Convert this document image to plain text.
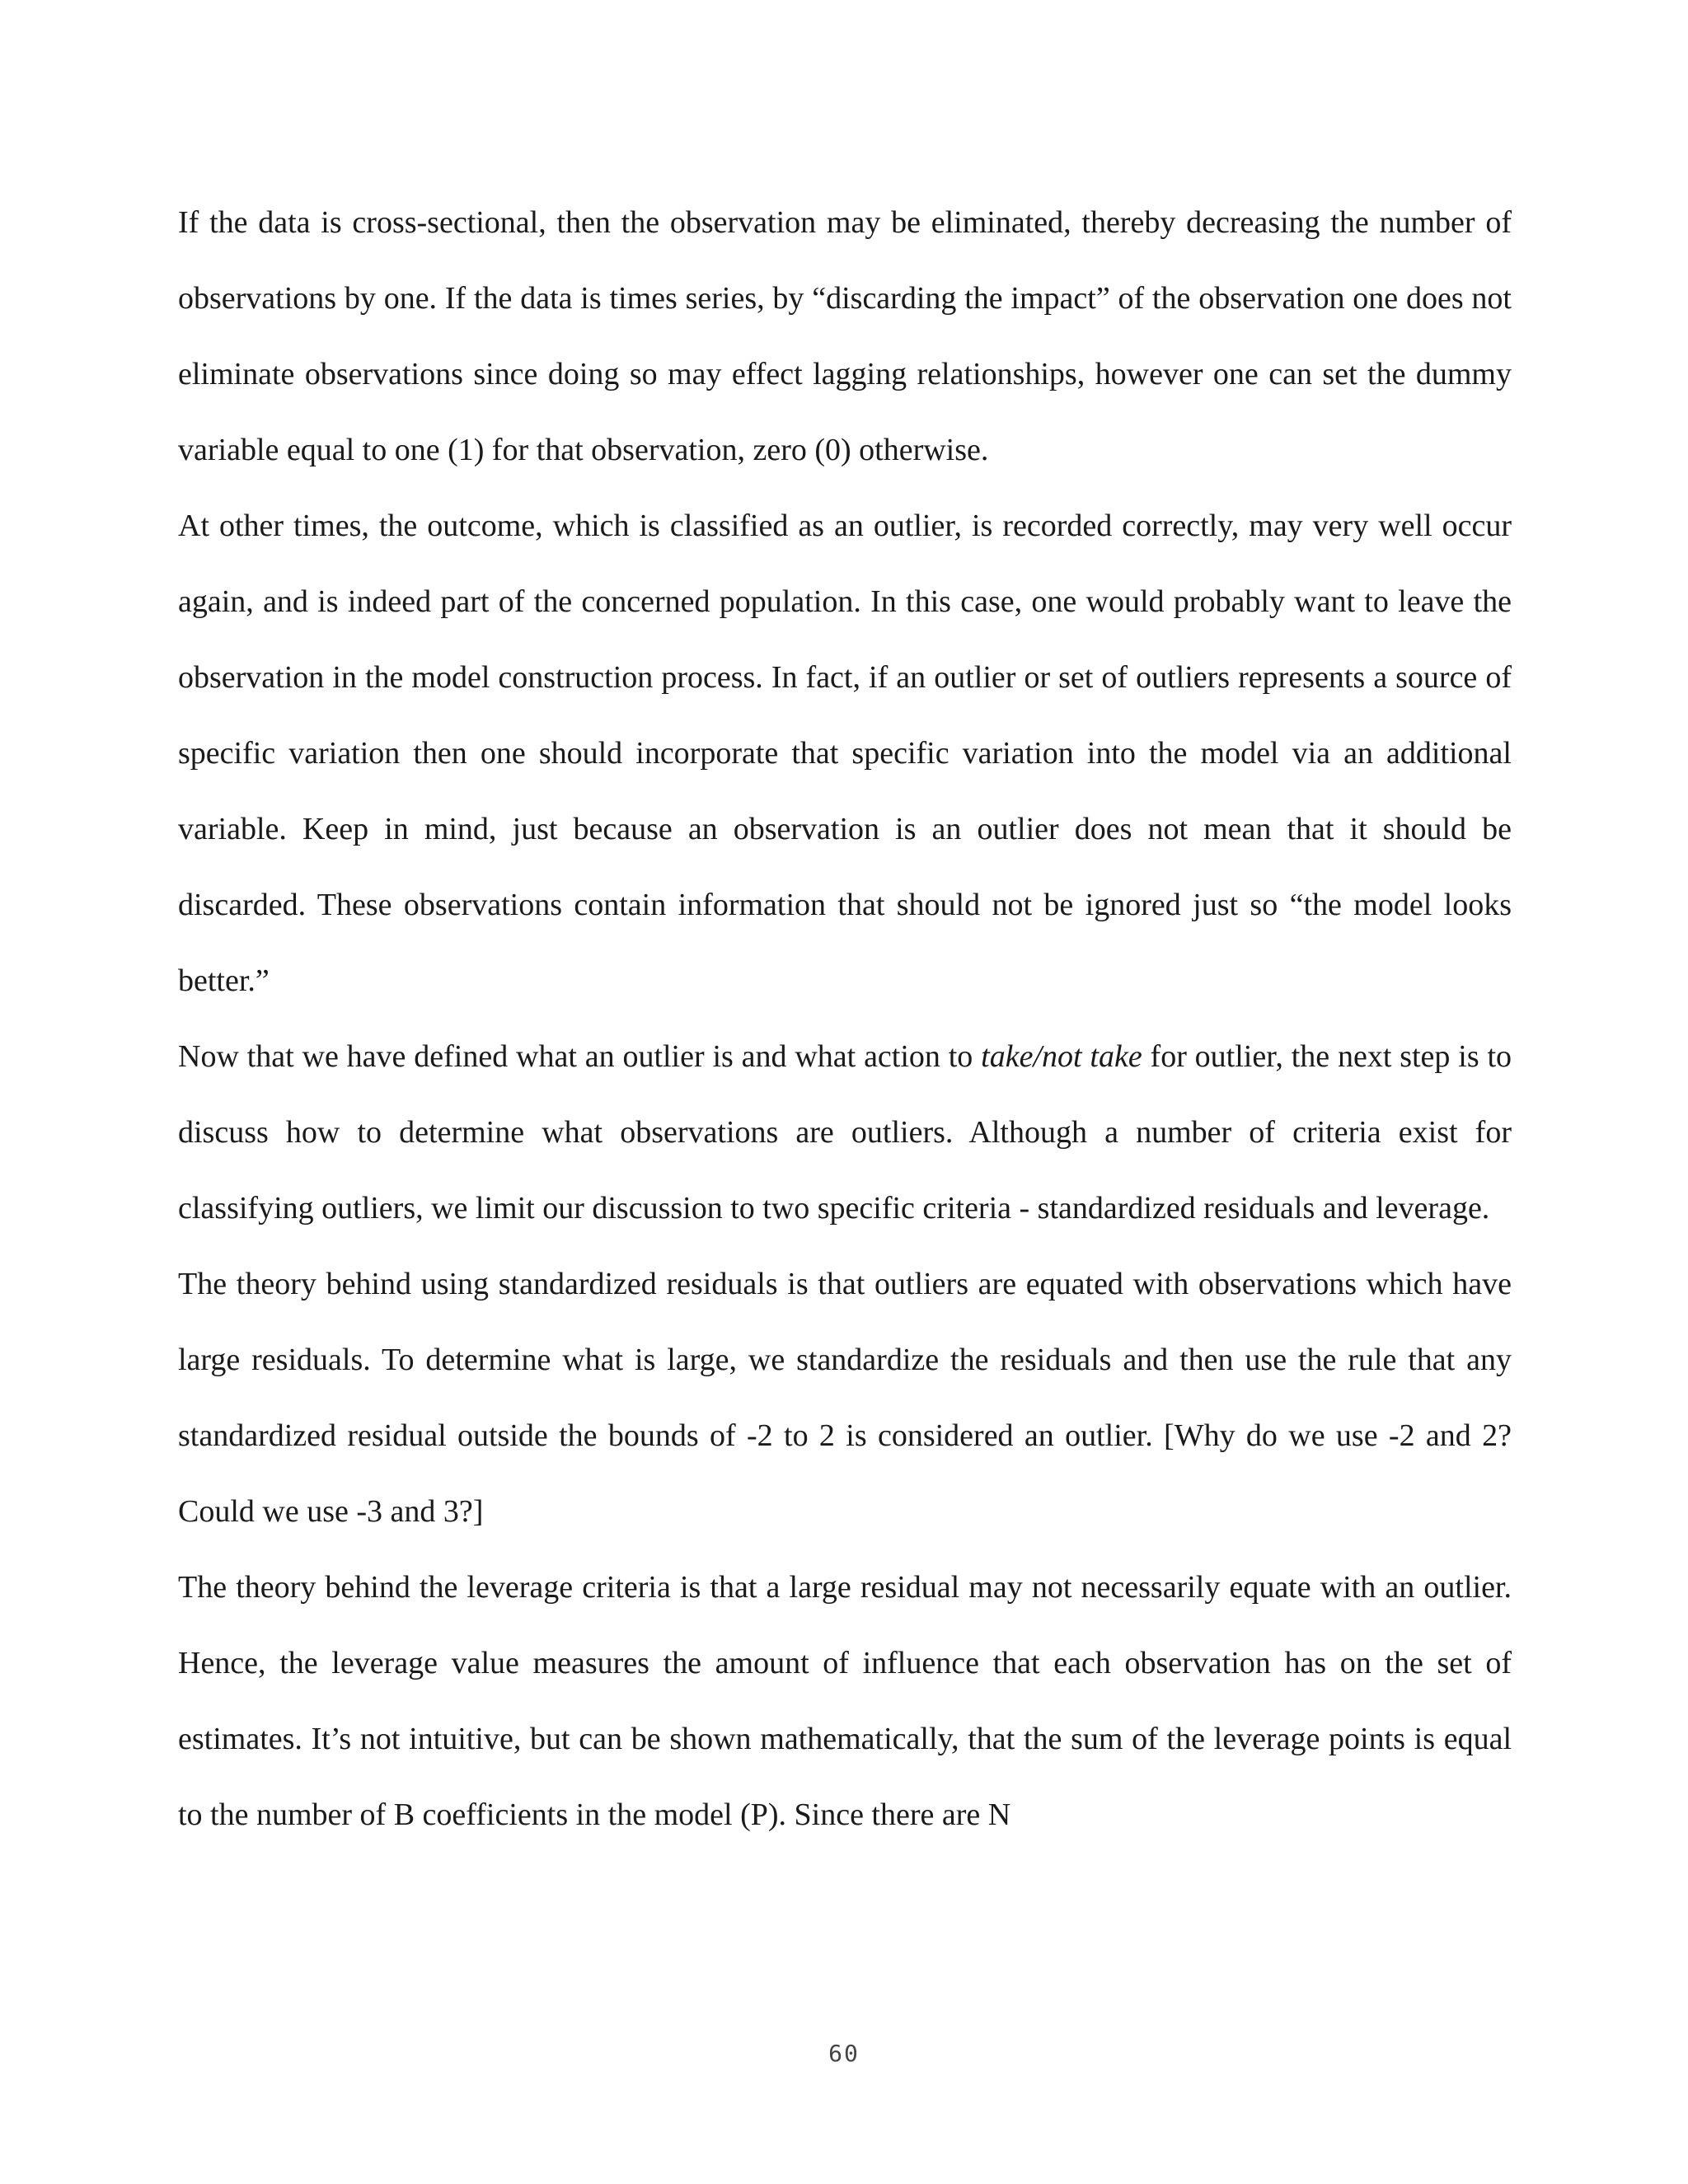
If the data is cross-sectional, then the observation may be eliminated, thereby decreasing the number of observations by one. If the data is times series, by “discarding the impact” of the observation one does not eliminate observations since doing so may effect lagging relationships, however one can set the dummy variable equal to one (1) for that observation, zero (0) otherwise.

At other times, the outcome, which is classified as an outlier, is recorded correctly, may very well occur again, and is indeed part of the concerned population. In this case, one would probably want to leave the observation in the model construction process. In fact, if an outlier or set of outliers represents a source of specific variation then one should incorporate that specific variation into the model via an additional variable. Keep in mind, just because an observation is an outlier does not mean that it should be discarded. These observations contain information that should not be ignored just so “the model looks better.”

Now that we have defined what an outlier is and what action to take/not take for outlier, the next step is to discuss how to determine what observations are outliers. Although a number of criteria exist for classifying outliers, we limit our discussion to two specific criteria - standardized residuals and leverage.

The theory behind using standardized residuals is that outliers are equated with observations which have large residuals. To determine what is large, we standardize the residuals and then use the rule that any standardized residual outside the bounds of -2 to 2 is considered an outlier. [Why do we use -2 and 2? Could we use -3 and 3?]

The theory behind the leverage criteria is that a large residual may not necessarily equate with an outlier. Hence, the leverage value measures the amount of influence that each observation has on the set of estimates. It’s not intuitive, but can be shown mathematically, that the sum of the leverage points is equal to the number of B coefficients in the model (P). Since there are N

60
